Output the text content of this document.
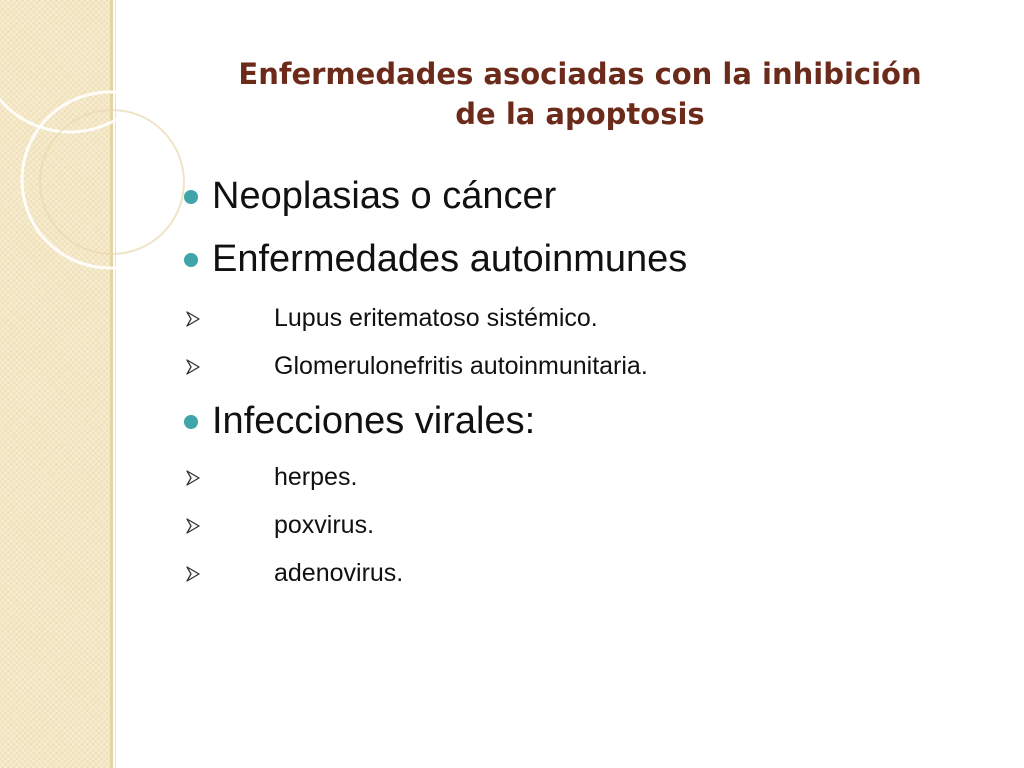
Enfermedades asociadas con la inhibición
de la apoptosis
Neoplasias o cáncer
Enfermedades autoinmunes
Lupus eritematoso sistémico.
Glomerulonefritis autoinmunitaria.
Infecciones virales:
herpes.
poxvirus.
adenovirus.
